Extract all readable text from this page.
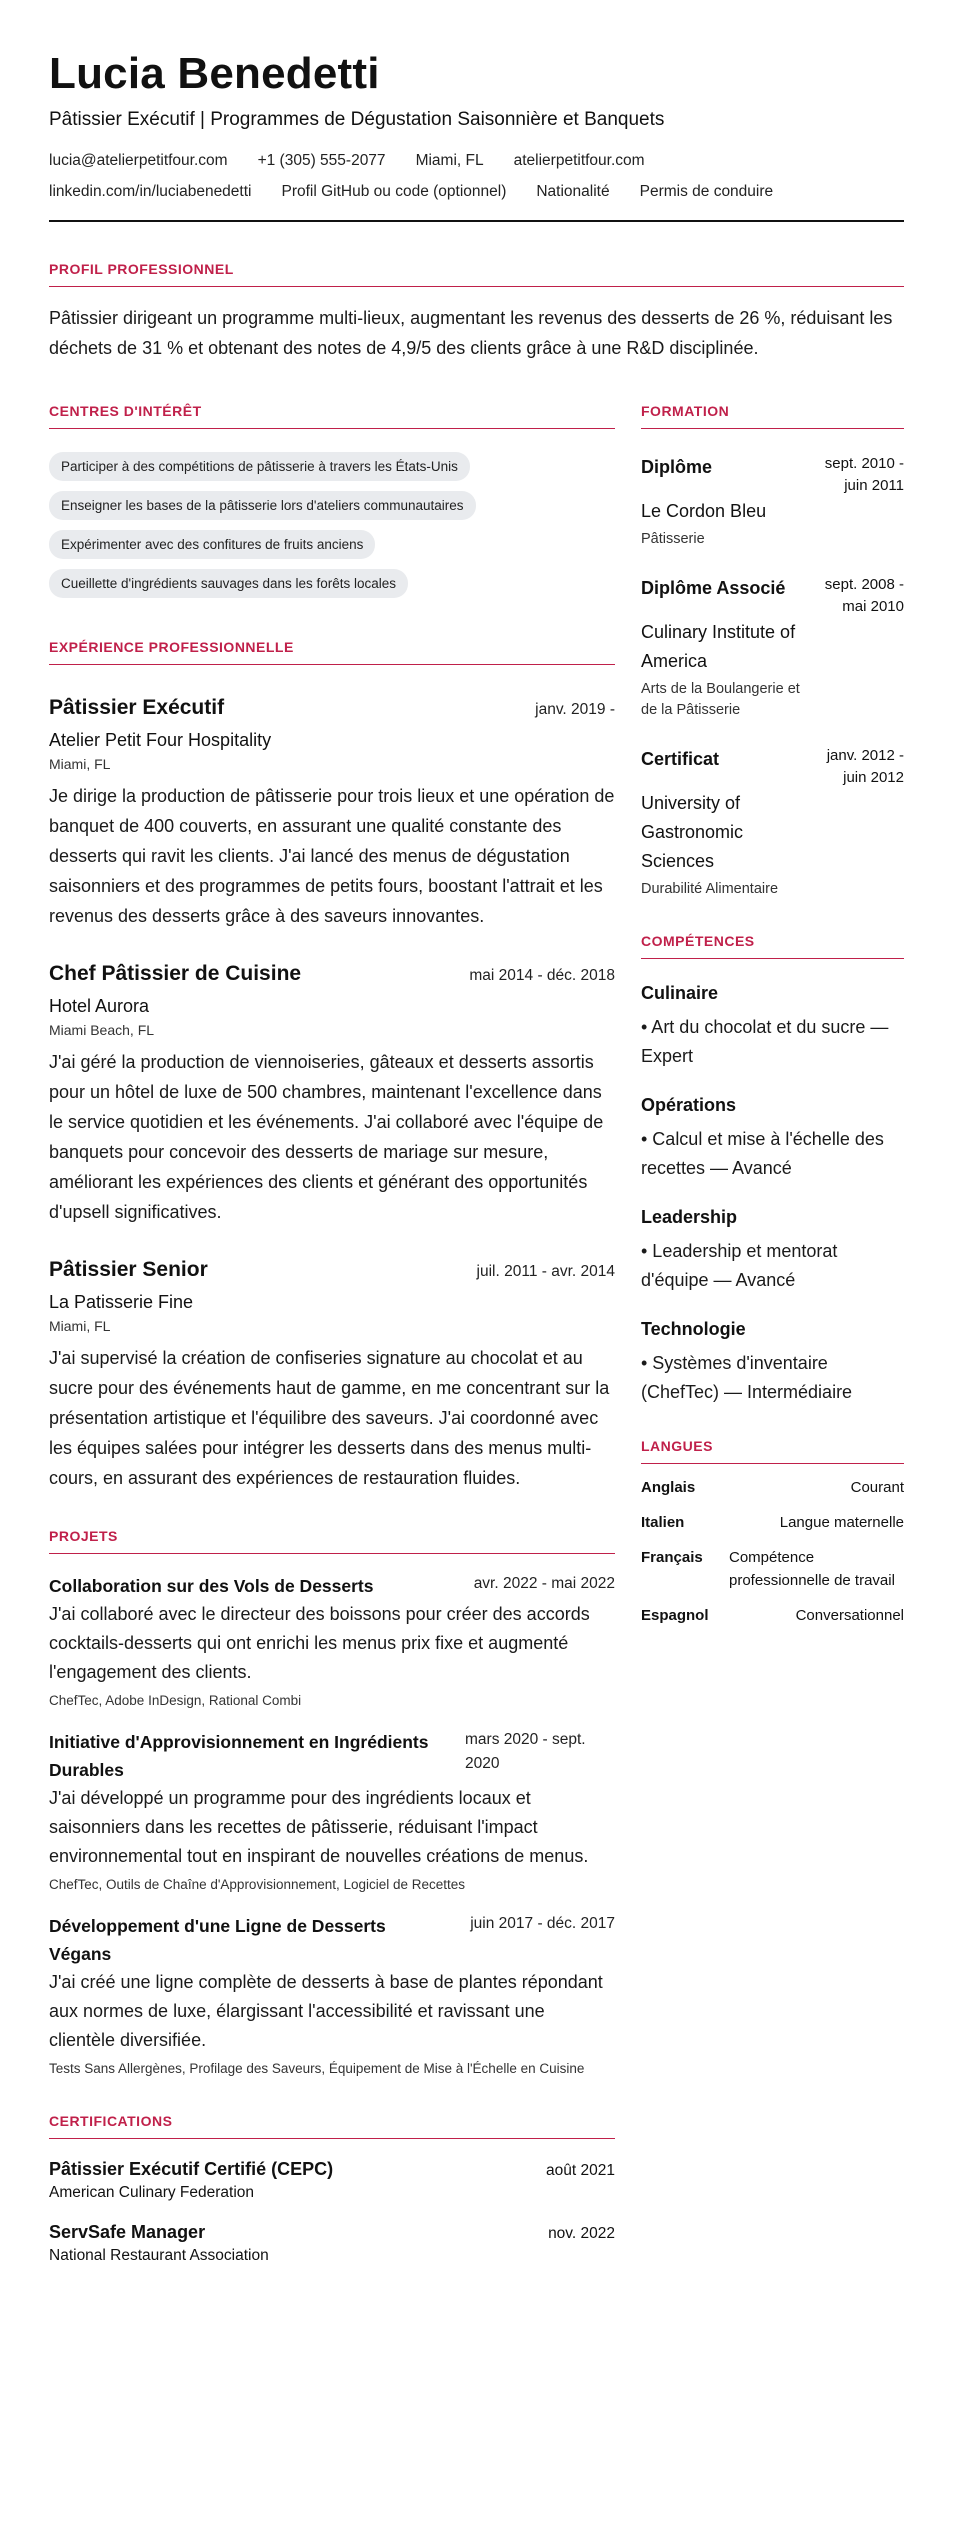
Lucia Benedetti
Pâtissier Exécutif | Programmes de Dégustation Saisonnière et Banquets
lucia@atelierpetitfour.com +1 (305) 555-2077 Miami, FL atelierpetitfour.com
linkedin.com/in/luciabenedetti Profil GitHub ou code (optionnel) Nationalité Permis de conduire
PROFIL PROFESSIONNEL
Pâtissier dirigeant un programme multi-lieux, augmentant les revenus des desserts de 26 %, réduisant les déchets de 31 % et obtenant des notes de 4,9/5 des clients grâce à une R&D disciplinée.
CENTRES D'INTÉRÊT
Participer à des compétitions de pâtisserie à travers les États-Unis
Enseigner les bases de la pâtisserie lors d'ateliers communautaires
Expérimenter avec des confitures de fruits anciens
Cueillette d'ingrédients sauvages dans les forêts locales
EXPÉRIENCE PROFESSIONNELLE
Pâtissier Exécutif	janv. 2019 -
Atelier Petit Four Hospitality
Miami, FL
Je dirige la production de pâtisserie pour trois lieux et une opération de banquet de 400 couverts, en assurant une qualité constante des desserts qui ravit les clients. J'ai lancé des menus de dégustation saisonniers et des programmes de petits fours, boostant l'attrait et les revenus des desserts grâce à des saveurs innovantes.
Chef Pâtissier de Cuisine	mai 2014 - déc. 2018
Hotel Aurora
Miami Beach, FL
J'ai géré la production de viennoiseries, gâteaux et desserts assortis pour un hôtel de luxe de 500 chambres, maintenant l'excellence dans le service quotidien et les événements. J'ai collaboré avec l'équipe de banquets pour concevoir des desserts de mariage sur mesure, améliorant les expériences des clients et générant des opportunités d'upsell significatives.
Pâtissier Senior	juil. 2011 - avr. 2014
La Patisserie Fine
Miami, FL
J'ai supervisé la création de confiseries signature au chocolat et au sucre pour des événements haut de gamme, en me concentrant sur la présentation artistique et l'équilibre des saveurs. J'ai coordonné avec les équipes salées pour intégrer les desserts dans des menus multi-cours, en assurant des expériences de restauration fluides.
PROJETS
Collaboration sur des Vols de Desserts	avr. 2022 - mai 2022
J'ai collaboré avec le directeur des boissons pour créer des accords cocktails-desserts qui ont enrichi les menus prix fixe et augmenté l'engagement des clients.
ChefTec, Adobe InDesign, Rational Combi
Initiative d'Approvisionnement en Ingrédients Durables
mars 2020 - sept. 2020
J'ai développé un programme pour des ingrédients locaux et saisonniers dans les recettes de pâtisserie, réduisant l'impact environnemental tout en inspirant de nouvelles créations de menus.
ChefTec, Outils de Chaîne d'Approvisionnement, Logiciel de Recettes
Développement d'une Ligne de Desserts Végans
juin 2017 - déc. 2017
J'ai créé une ligne complète de desserts à base de plantes répondant aux normes de luxe, élargissant l'accessibilité et ravissant une clientèle diversifiée.
Tests Sans Allergènes, Profilage des Saveurs, Équipement de Mise à l'Échelle en Cuisine
CERTIFICATIONS
Pâtissier Exécutif Certifié (CEPC)	août 2021
American Culinary Federation
ServSafe Manager	nov. 2022
National Restaurant Association
FORMATION
Diplôme	sept. 2010 - juin 2011
Le Cordon Bleu
Pâtisserie
Diplôme Associé	sept. 2008 - mai 2010
Culinary Institute of America
Arts de la Boulangerie et de la Pâtisserie
Certificat	janv. 2012 - juin 2012
University of Gastronomic Sciences
Durabilité Alimentaire
COMPÉTENCES
Culinaire
• Art du chocolat et du sucre — Expert
Opérations
• Calcul et mise à l'échelle des recettes — Avancé
Leadership
• Leadership et mentorat d'équipe — Avancé
Technologie
• Systèmes d'inventaire (ChefTec) — Intermédiaire
LANGUES
Anglais	Courant
Italien	Langue maternelle
Français Compétence professionnelle de travail
Espagnol	Conversationnel
